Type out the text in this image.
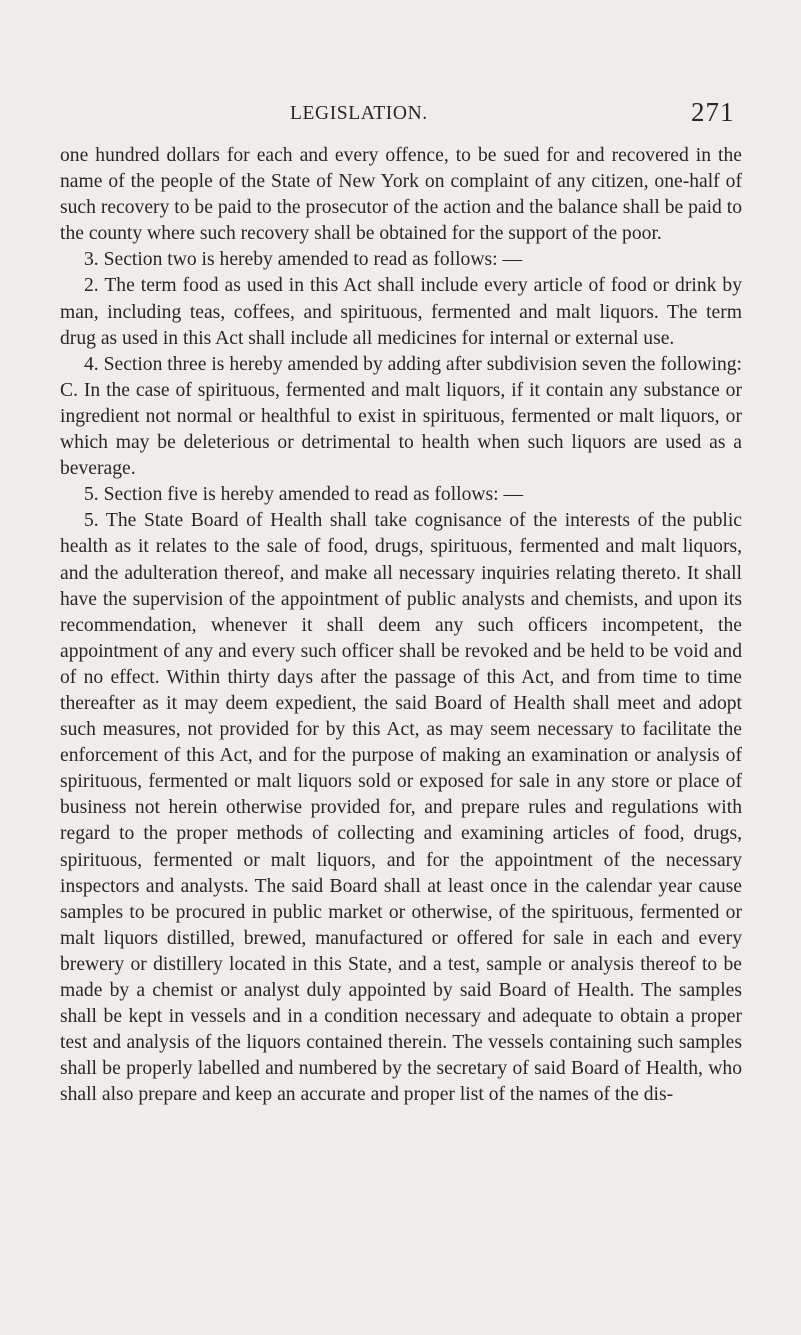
LEGISLATION.	271

one hundred dollars for each and every offence, to be sued for and recovered in the name of the people of the State of New York on complaint of any citizen, one-half of such recovery to be paid to the prosecutor of the action and the balance shall be paid to the county where such recovery shall be obtained for the support of the poor.

3. Section two is hereby amended to read as follows: —

2. The term food as used in this Act shall include every article of food or drink by man, including teas, coffees, and spirituous, fermented and malt liquors. The term drug as used in this Act shall include all medicines for internal or external use.

4. Section three is hereby amended by adding after subdivision seven the following: C. In the case of spirituous, fermented and malt liquors, if it contain any substance or ingredient not normal or healthful to exist in spirituous, fermented or malt liquors, or which may be deleterious or detrimental to health when such liquors are used as a beverage.

5. Section five is hereby amended to read as follows: —

5. The State Board of Health shall take cognisance of the interests of the public health as it relates to the sale of food, drugs, spirituous, fermented and malt liquors, and the adulteration thereof, and make all necessary inquiries relating thereto. It shall have the supervision of the appointment of public analysts and chemists, and upon its recommendation, whenever it shall deem any such officers incompetent, the appointment of any and every such officer shall be revoked and be held to be void and of no effect. Within thirty days after the passage of this Act, and from time to time thereafter as it may deem expedient, the said Board of Health shall meet and adopt such measures, not provided for by this Act, as may seem necessary to facilitate the enforcement of this Act, and for the purpose of making an examination or analysis of spirituous, fermented or malt liquors sold or exposed for sale in any store or place of business not herein otherwise provided for, and prepare rules and regulations with regard to the proper methods of collecting and examining articles of food, drugs, spirituous, fermented or malt liquors, and for the appointment of the necessary inspectors and analysts. The said Board shall at least once in the calendar year cause samples to be procured in public market or otherwise, of the spirituous, fermented or malt liquors distilled, brewed, manufactured or offered for sale in each and every brewery or distillery located in this State, and a test, sample or analysis thereof to be made by a chemist or analyst duly appointed by said Board of Health. The samples shall be kept in vessels and in a condition necessary and adequate to obtain a proper test and analysis of the liquors contained therein. The vessels containing such samples shall be properly labelled and numbered by the secretary of said Board of Health, who shall also prepare and keep an accurate and proper list of the names of the dis-
